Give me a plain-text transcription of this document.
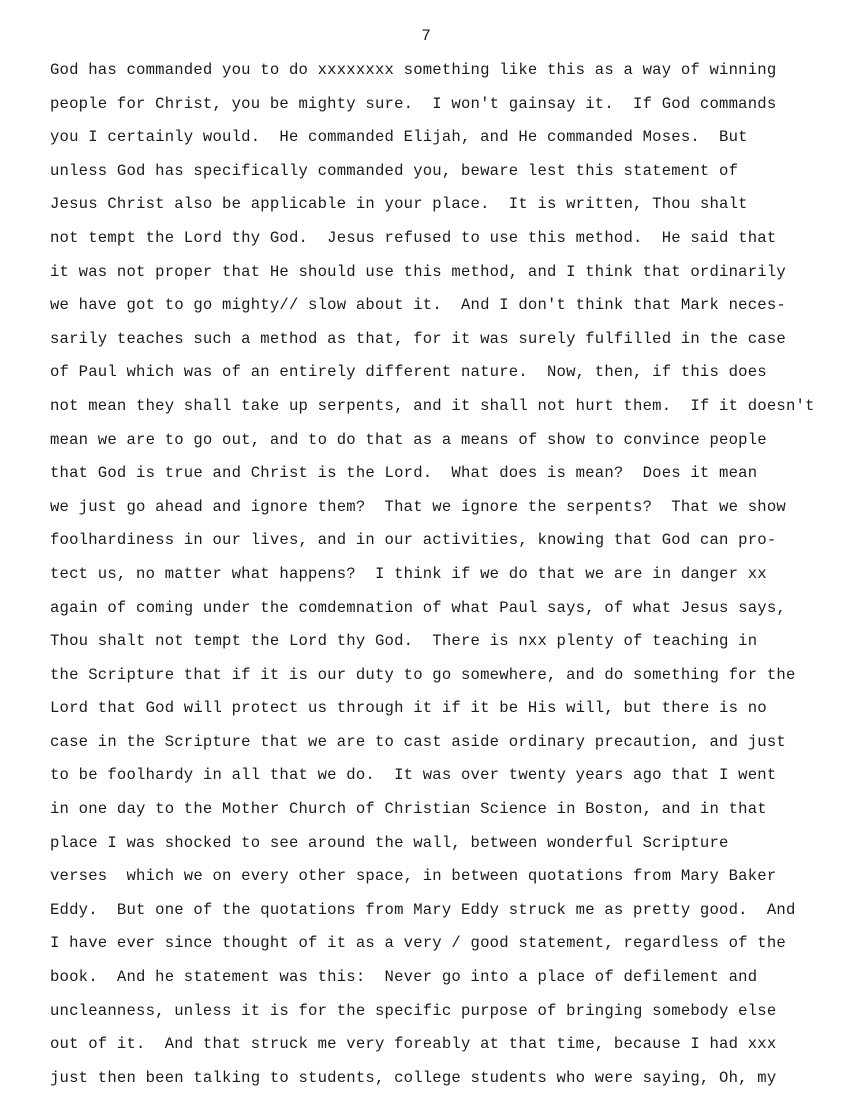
7
God has commanded you to do xxxxxxxx something like this as a way of winning
people for Christ, you be mighty sure.  I won't gainsay it.  If God commands
you I certainly would.  He commanded Elijah, and He commanded Moses.  But
unless God has specifically commanded you, beware lest this statement of
Jesus Christ also be applicable in your place.  It is written, Thou shalt
not tempt the Lord thy God.  Jesus refused to use this method.  He said that
it was not proper that He should use this method, and I think that ordinarily
we have got to go mighty// slow about it.  And I don't think that Mark neces-
sarily teaches such a method as that, for it was surely fulfilled in the case
of Paul which was of an entirely different nature.  Now, then, if this does
not mean they shall take up serpents, and it shall not hurt them.  If it doesn't
mean we are to go out, and to do that as a means of show to convince people
that God is true and Christ is the Lord.  What does is mean?  Does it mean
we just go ahead and ignore them?  That we ignore the serpents?  That we show
foolhardiness in our lives, and in our activities, knowing that God can pro-
tect us, no matter what happens?  I think if we do that we are in danger xx
again of coming under the comdemnation of what Paul says, of what Jesus says,
Thou shalt not tempt the Lord thy God.  There is nxx plenty of teaching in
the Scripture that if it is our duty to go somewhere, and do something for the
Lord that God will protect us through it if it be His will, but there is no
case in the Scripture that we are to cast aside ordinary precaution, and just
to be foolhardy in all that we do.  It was over twenty years ago that I went
in one day to the Mother Church of Christian Science in Boston, and in that
place I was shocked to see around the wall, between wonderful Scripture
verses  which we on every other space, in between quotations from Mary Baker
Eddy.  But one of the quotations from Mary Eddy struck me as pretty good.  And
I have ever since thought of it as a very / good statement, regardless of the
book.  And he statement was this:  Never go into a place of defilement and
uncleanness, unless it is for the specific purpose of bringing somebody else
out of it.  And that struck me very foreably at that time, because I had xxx
just then been talking to students, college students who were saying, Oh, my
